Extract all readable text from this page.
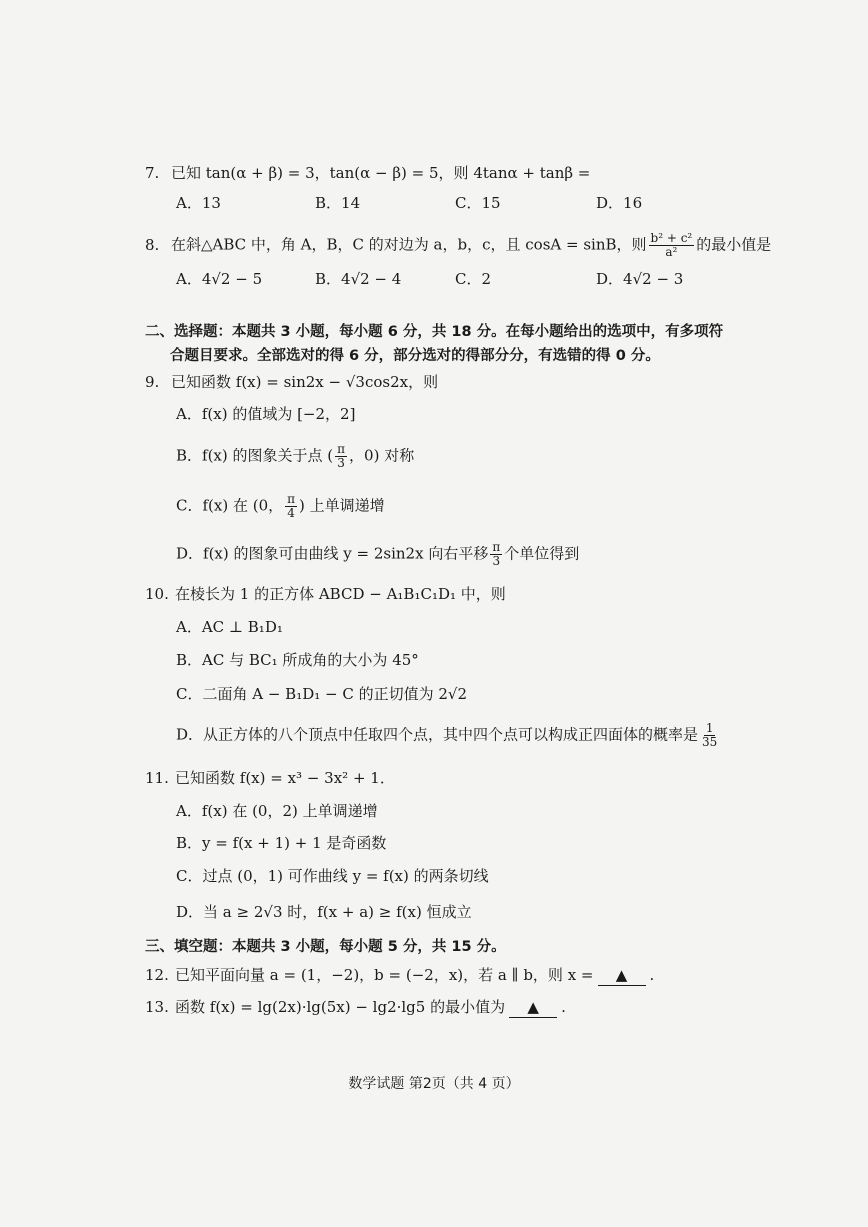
7. 已知 tan(α + β) = 3，tan(α − β) = 5，则 4tanα + tanβ =
A．13	B．14	C．15	D．16
8. 在斜△ABC 中，角 A，B，C 的对边为 a，b，c，且 cosA = sinB，则 $\frac{\text{b² + c²}}{\text{a²}}$ 的最小值是
A．4√2 − 5	B．4√2 − 4	C．2	D．4√2 − 3
二、选择题：本题共 3 小题，每小题 6 分，共 18 分。在每小题给出的选项中，有多项符
合题目要求。全部选对的得 6 分，部分选对的得部分分，有选错的得 0 分。
9. 已知函数 f(x) = sin2x − √3cos2x，则
A．f(x) 的值域为 [−2，2]
B．f(x) 的图象关于点 ( $\frac{\pi}{3}$ ，0) 对称
C．f(x) 在 (0， $\frac{\pi}{4}$ ) 上单调递增
D．f(x) 的图象可由曲线 y = 2sin2x 向右平移 $\frac{\pi}{3}$ 个单位得到
10. 在棱长为 1 的正方体 ABCD − A₁B₁C₁D₁ 中，则
A．AC ⊥ B₁D₁
B．AC 与 BC₁ 所成角的大小为 45°
C．二面角 A − B₁D₁ − C 的正切值为 2√2
D．从正方体的八个顶点中任取四个点，其中四个点可以构成正四面体的概率是 $\frac{1}{35}$
11. 已知函数 f(x) = x³ − 3x² + 1．
A．f(x) 在 (0，2) 上单调递增
B．y = f(x + 1) + 1 是奇函数
C．过点 (0，1) 可作曲线 y = f(x) 的两条切线
D．当 a ≥ 2√3 时，f(x + a) ≥ f(x) 恒成立
三、填空题：本题共 3 小题，每小题 5 分，共 15 分。
12. 已知平面向量 a = (1，−2)，b = (−2，x)，若 a ∥ b，则 x = ▲ .
13. 函数 f(x) = lg(2x)·lg(5x) − lg2·lg5 的最小值为 ▲ .
数学试题 第2页（共 4 页）
